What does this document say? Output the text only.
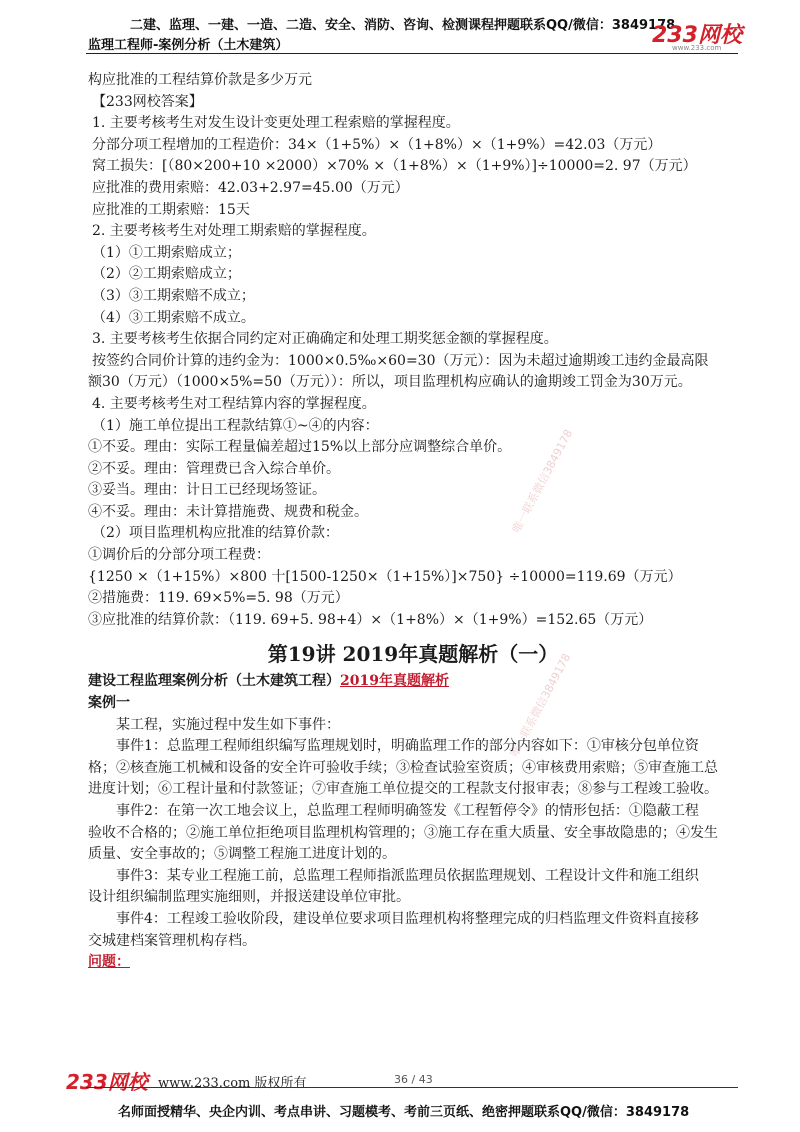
二建、监理、一建、一造、二造、安全、消防、咨询、检测课程押题联系QQ/微信：3849178
监理工程师-案例分析（土木建筑）	233网校
www.233.com
唯一联系微信3849178
唯一联系微信3849178
构应批准的工程结算价款是多少万元
【233网校答案】
1. 主要考核考生对发生设计变更处理工程索赔的掌握程度。
分部分项工程增加的工程造价：34×（1+5%）×（1+8%）×（1+9%）=42.03（万元）
窝工损失：[（80×200+10 ×2000）×70% ×（1+8%）×（1+9%）]÷10000=2. 97（万元）
应批准的费用索赔：42.03+2.97=45.00（万元）
应批准的工期索赔：15天
2. 主要考核考生对处理工期索赔的掌握程度。
（1）①工期索赔成立；
（2）②工期索赔成立；
（3）③工期索赔不成立；
（4）③工期索赔不成立。
3. 主要考核考生依据合同约定对正确确定和处理工期奖惩金额的掌握程度。
按签约合同价计算的违约金为：1000×0.5‰×60=30（万元）：因为未超过逾期竣工违约金最高限
额30（万元）（1000×5%=50（万元））：所以，项目监理机构应确认的逾期竣工罚金为30万元。
4. 主要考核考生对工程结算内容的掌握程度。
（1）施工单位提出工程款结算①~④的内容：
①不妥。理由：实际工程量偏差超过15%以上部分应调整综合单价。
②不妥。理由：管理费已含入综合单价。
③妥当。理由：计日工已经现场签证。
④不妥。理由：未计算措施费、规费和税金。
（2）项目监理机构应批准的结算价款：
①调价后的分部分项工程费：
{1250 ×（1+15%）×800 十[1500-1250×（1+15%）]×750} ÷10000=119.69（万元）
②措施费：119. 69×5%=5. 98（万元）
③应批准的结算价款：（119. 69+5. 98+4）×（1+8%）×（1+9%）=152.65（万元）
第19讲 2019年真题解析（一）
建设工程监理案例分析（土木建筑工程）2019年真题解析
案例一
某工程，实施过程中发生如下事件：
事件1：总监理工程师组织编写监理规划时，明确监理工作的部分内容如下：①审核分包单位资
格；②核查施工机械和设备的安全许可验收手续；③检查试验室资质；④审核费用索赔；⑤审查施工总
进度计划；⑥工程计量和付款签证；⑦审查施工单位提交的工程款支付报审表；⑧参与工程竣工验收。
事件2：在第一次工地会议上，总监理工程师明确签发《工程暂停令》的情形包括：①隐蔽工程
验收不合格的；②施工单位拒绝项目监理机构管理的；③施工存在重大质量、安全事故隐患的；④发生
质量、安全事故的；⑤调整工程施工进度计划的。
事件3：某专业工程施工前，总监理工程师指派监理员依据监理规划、工程设计文件和施工组织
设计组织编制监理实施细则，并报送建设单位审批。
事件4：工程竣工验收阶段，建设单位要求项目监理机构将整理完成的归档监理文件资料直接移
交城建档案管理机构存档。
问题：
233网校 www.233.com 版权所有	36 / 43
名师面授精华、央企内训、考点串讲、习题模考、考前三页纸、绝密押题联系QQ/微信：3849178
